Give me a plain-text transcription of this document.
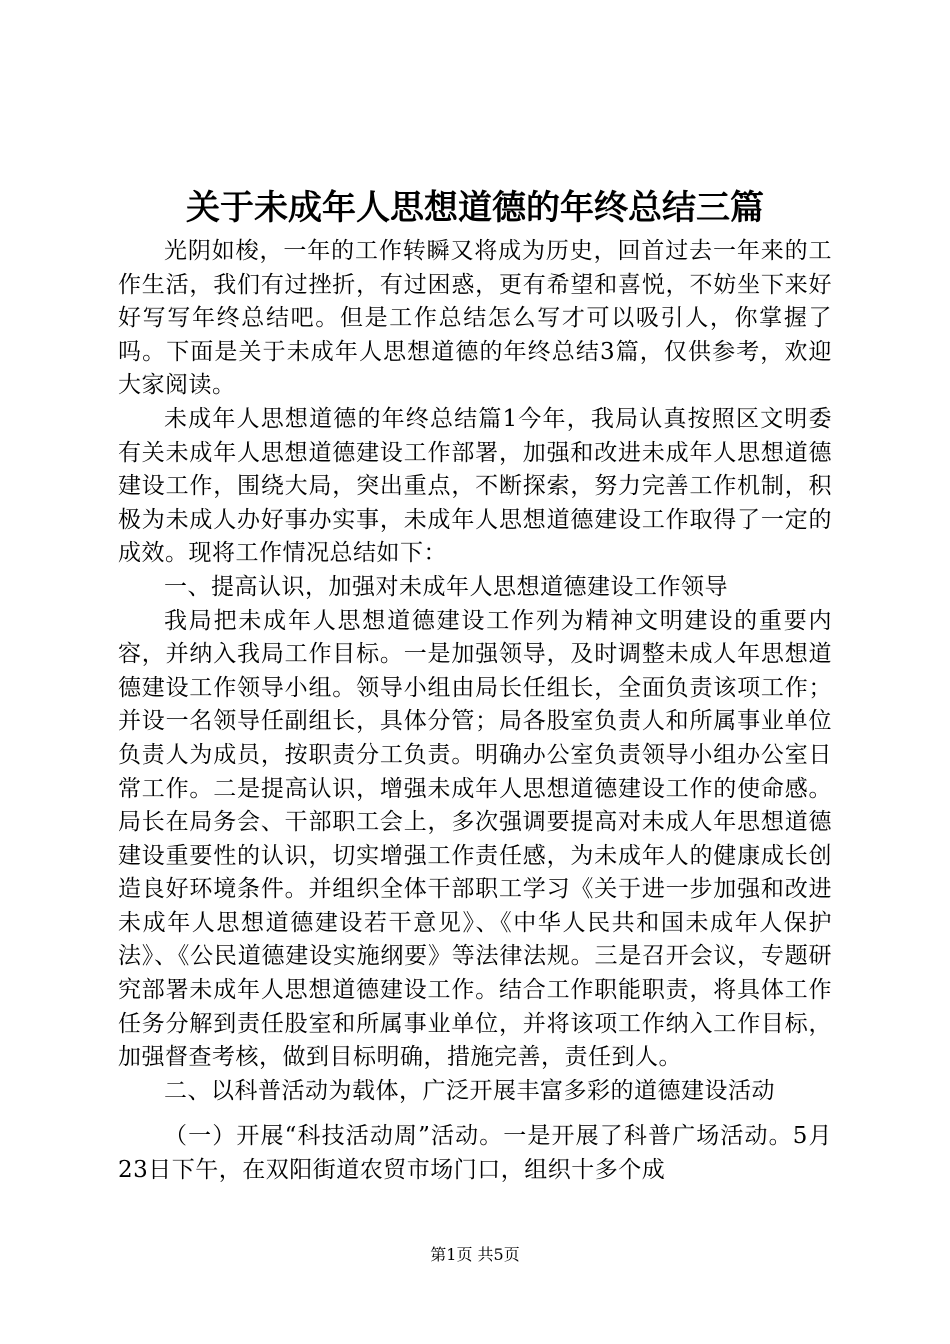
关于未成年人思想道德的年终总结三篇

光阴如梭，一年的工作转瞬又将成为历史，回首过去一年来的工作生活，我们有过挫折，有过困惑，更有希望和喜悦，不妨坐下来好好写写年终总结吧。但是工作总结怎么写才可以吸引人，你掌握了吗。下面是关于未成年人思想道德的年终总结3篇，仅供参考，欢迎大家阅读。

未成年人思想道德的年终总结篇1今年，我局认真按照区文明委有关未成年人思想道德建设工作部署，加强和改进未成年人思想道德建设工作，围绕大局，突出重点，不断探索，努力完善工作机制，积极为未成人办好事办实事，未成年人思想道德建设工作取得了一定的成效。现将工作情况总结如下：

一、提高认识，加强对未成年人思想道德建设工作领导

我局把未成年人思想道德建设工作列为精神文明建设的重要内容，并纳入我局工作目标。一是加强领导，及时调整未成人年思想道德建设工作领导小组。领导小组由局长任组长，全面负责该项工作；并设一名领导任副组长，具体分管；局各股室负责人和所属事业单位负责人为成员，按职责分工负责。明确办公室负责领导小组办公室日常工作。二是提高认识，增强未成年人思想道德建设工作的使命感。局长在局务会、干部职工会上，多次强调要提高对未成人年思想道德建设重要性的认识，切实增强工作责任感，为未成年人的健康成长创造良好环境条件。并组织全体干部职工学习《关于进一步加强和改进未成年人思想道德建设若干意见》、《中华人民共和国未成年人保护法》、《公民道德建设实施纲要》等法律法规。三是召开会议，专题研究部署未成年人思想道德建设工作。结合工作职能职责，将具体工作任务分解到责任股室和所属事业单位，并将该项工作纳入工作目标，加强督查考核，做到目标明确，措施完善，责任到人。

二、以科普活动为载体，广泛开展丰富多彩的道德建设活动

（一）开展“科技活动周”活动。一是开展了科普广场活动。5月23日下午，在双阳街道农贸市场门口，组织十多个成

第1页 共5页
